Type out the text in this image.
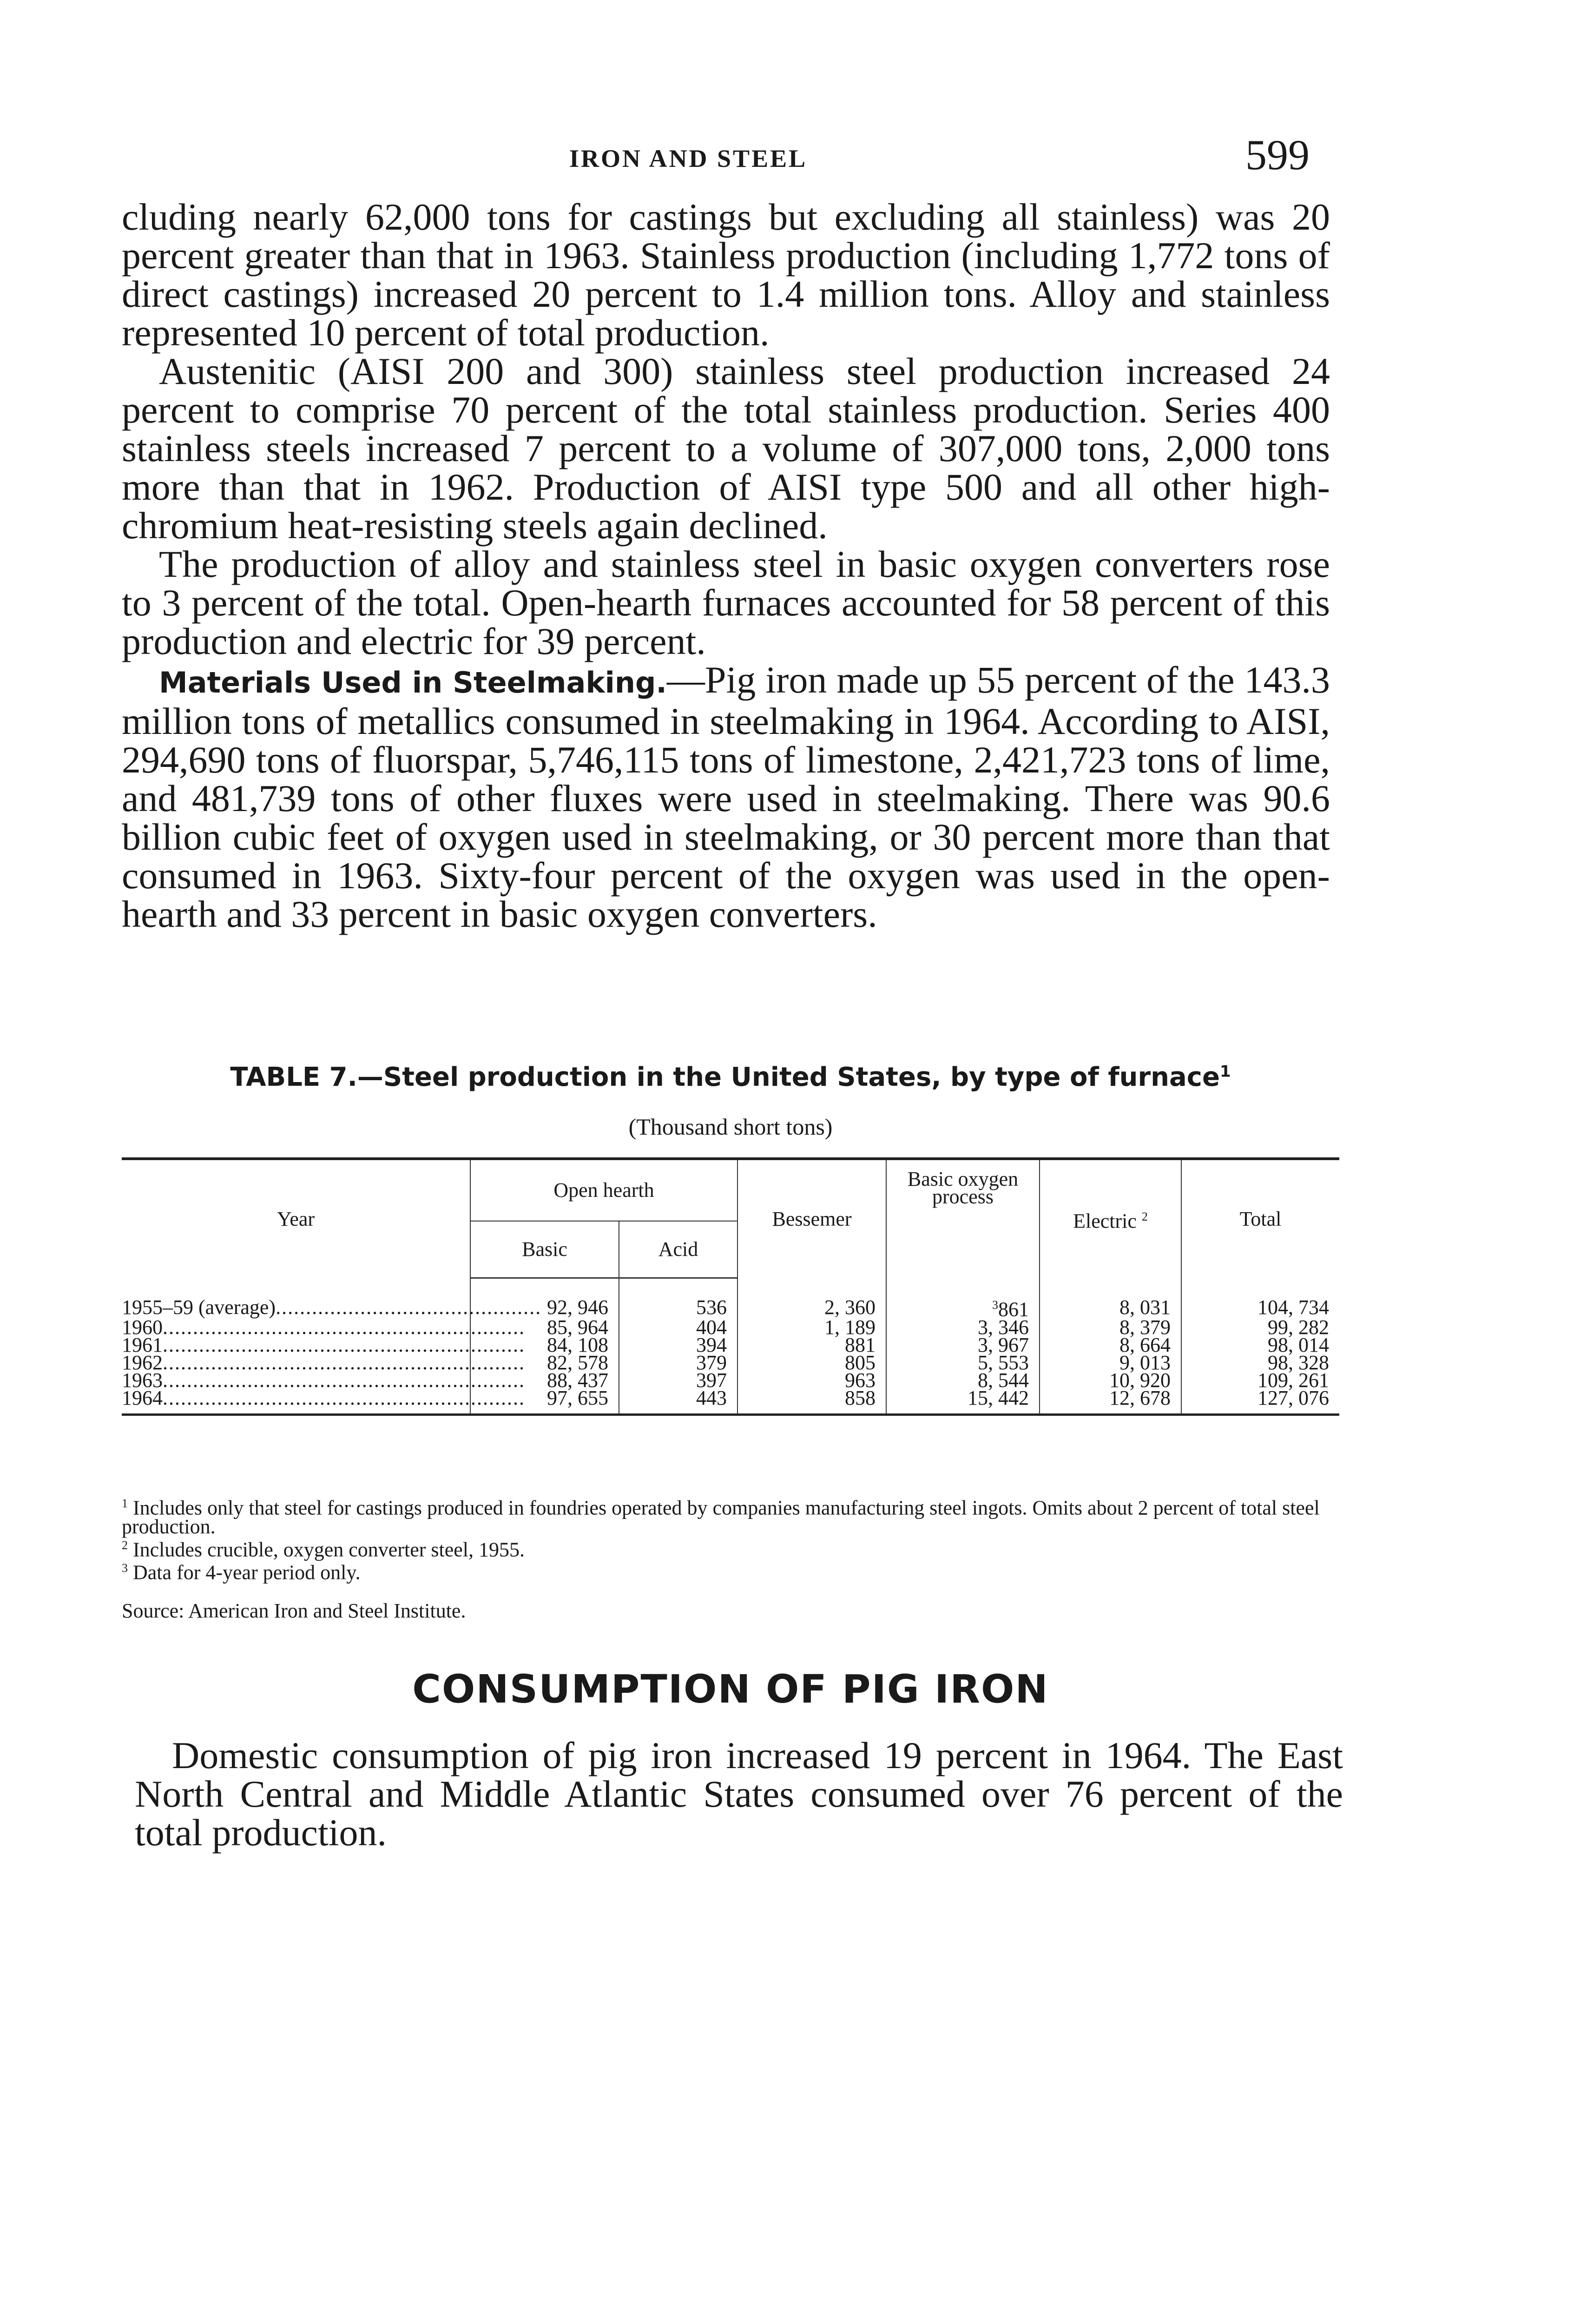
IRON AND STEEL	599

cluding nearly 62,000 tons for castings but excluding all stainless) was 20 percent greater than that in 1963. Stainless production (including 1,772 tons of direct castings) increased 20 percent to 1.4 million tons. Alloy and stainless represented 10 percent of total production.

Austenitic (AISI 200 and 300) stainless steel production increased 24 percent to comprise 70 percent of the total stainless production. Series 400 stainless steels increased 7 percent to a volume of 307,000 tons, 2,000 tons more than that in 1962. Production of AISI type 500 and all other high-chromium heat-resisting steels again declined.

The production of alloy and stainless steel in basic oxygen converters rose to 3 percent of the total. Open-hearth furnaces accounted for 58 percent of this production and electric for 39 percent.

Materials Used in Steelmaking.—Pig iron made up 55 percent of the 143.3 million tons of metallics consumed in steelmaking in 1964. According to AISI, 294,690 tons of fluorspar, 5,746,115 tons of limestone, 2,421,723 tons of lime, and 481,739 tons of other fluxes were used in steelmaking. There was 90.6 billion cubic feet of oxygen used in steelmaking, or 30 percent more than that consumed in 1963. Sixty-four percent of the oxygen was used in the open-hearth and 33 percent in basic oxygen converters.

TABLE 7.—Steel production in the United States, by type of furnace$^1$
(Thousand short tons)
Year	Open hearth		Bessemer	Basic oxygen process	Electric $^2$	Total
	Basic	Acid				

1955–59 (average)............................................	92, 946	536	2, 360	$^3$861	8, 031	104, 734
1960............................................................	85, 964	404	1, 189	3, 346	8, 379	99, 282
1961............................................................	84, 108	394	881	3, 967	8, 664	98, 014
1962............................................................	82, 578	379	805	5, 553	9, 013	98, 328
1963............................................................	88, 437	397	963	8, 544	10, 920	109, 261
1964............................................................	97, 655	443	858	15, 442	12, 678	127, 076

$^1$ Includes only that steel for castings produced in foundries operated by companies manufacturing steel ingots. Omits about 2 percent of total steel production.

$^2$ Includes crucible, oxygen converter steel, 1955.

$^3$ Data for 4-year period only.

Source: American Iron and Steel Institute.

CONSUMPTION OF PIG IRON

Domestic consumption of pig iron increased 19 percent in 1964. The East North Central and Middle Atlantic States consumed over 76 percent of the total production.
